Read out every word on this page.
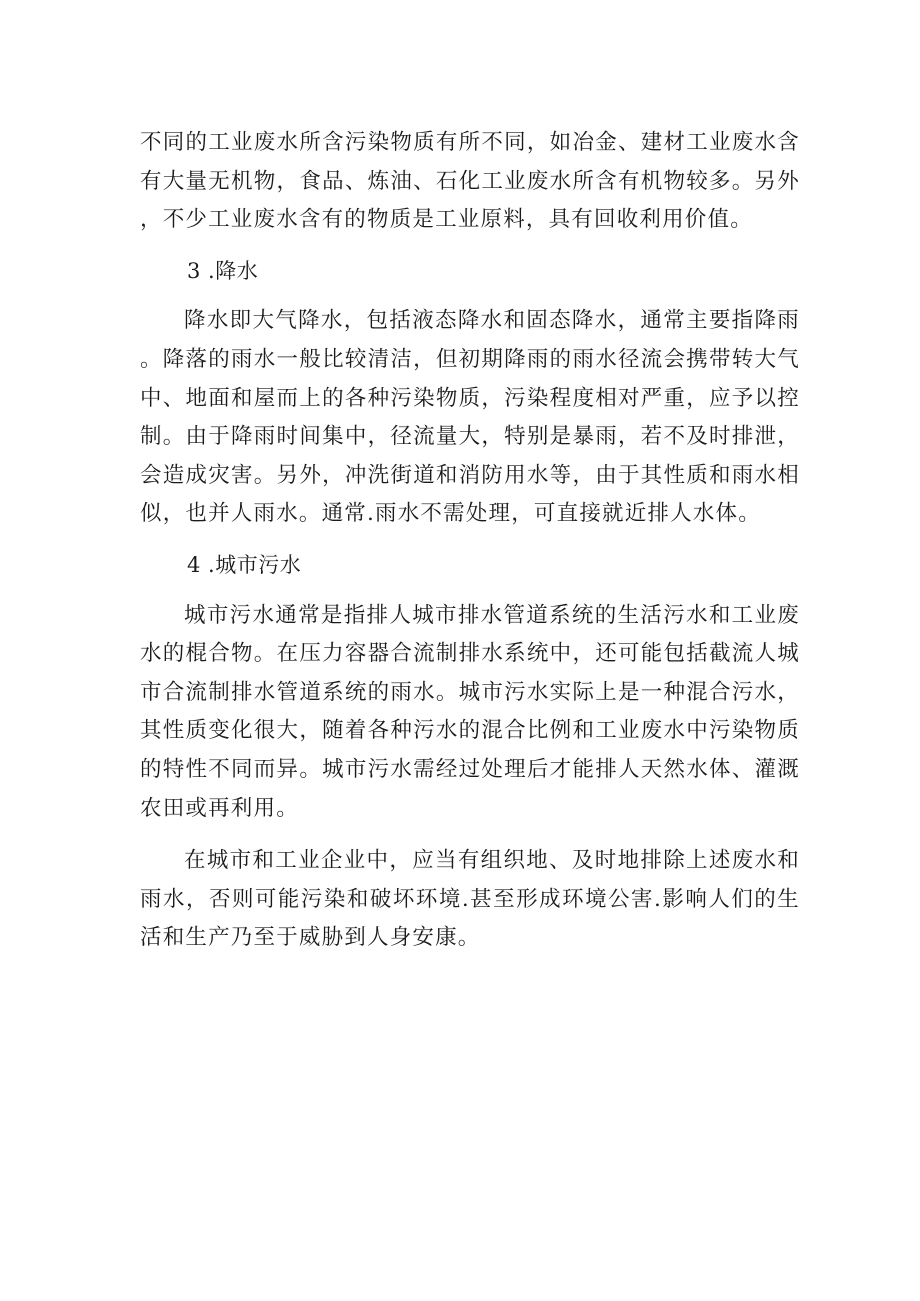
不同的工业废水所含污染物质有所不同，如冶金、建材工业废水含有大量无机物，食品、炼油、石化工业废水所含有机物较多。另外，不少工业废水含有的物质是工业原料，具有回收利用价值。

3 .降水

降水即大气降水，包括液态降水和固态降水，通常主要指降雨。降落的雨水一般比较清洁，但初期降雨的雨水径流会携带转大气中、地面和屋而上的各种污染物质，污染程度相对严重，应予以控制。由于降雨时间集中，径流量大，特别是暴雨，若不及时排泄，会造成灾害。另外，冲洗街道和消防用水等，由于其性质和雨水相似，也并人雨水。通常.雨水不需处理，可直接就近排人水体。

4 .城市污水

城市污水通常是指排人城市排水管道系统的生活污水和工业废水的棍合物。在压力容器合流制排水系统中，还可能包括截流人城市合流制排水管道系统的雨水。城市污水实际上是一种混合污水，其性质变化很大，随着各种污水的混合比例和工业废水中污染物质的特性不同而异。城市污水需经过处理后才能排人天然水体、灌溉农田或再利用。

在城市和工业企业中，应当有组织地、及时地排除上述废水和雨水，否则可能污染和破坏环境.甚至形成环境公害.影响人们的生活和生产乃至于威胁到人身安康。
